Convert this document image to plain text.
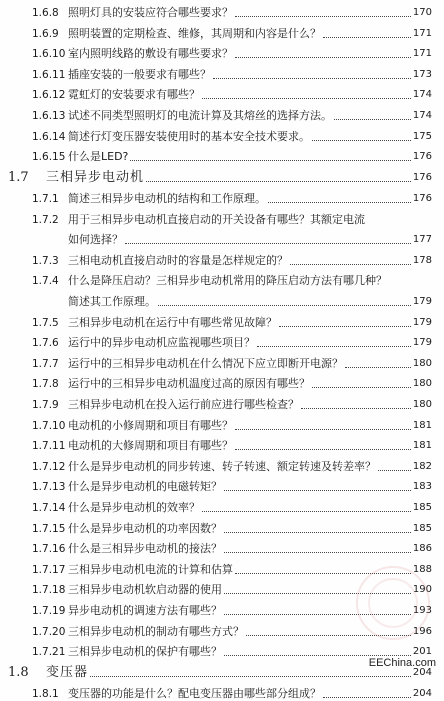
1.6.8 照明灯具的安装应符合哪些要求？	170
1.6.9 照明装置的定期检查、维修，其周期和内容是什么？	171
1.6.10 室内照明线路的敷设有哪些要求？	171
1.6.11 插座安装的一般要求有哪些？	173
1.6.12 霓虹灯的安装要求有哪些？	174
1.6.13 试述不同类型照明灯的电流计算及其熔丝的选择方法。	174
1.6.14 简述行灯变压器安装使用时的基本安全技术要求。	175
1.6.15 什么是LED?	176
1.7 三相异步电动机	176
1.7.1 简述三相异步电动机的结构和工作原理。	176
1.7.2 用于三相异步电动机直接启动的开关设备有哪些？其额定电流
如何选择？	177
1.7.3 三相电动机直接启动时的容量是怎样规定的？	178
1.7.4 什么是降压启动？三相异步电动机常用的降压启动方法有哪几种？
简述其工作原理。	179
1.7.5 三相异步电动机在运行中有哪些常见故障？	179
1.7.6 运行中的异步电动机应监视哪些项目？	179
1.7.7 运行中的三相异步电动机在什么情况下应立即断开电源？	180
1.7.8 运行中的三相异步电动机温度过高的原因有哪些？	180
1.7.9 三相异步电动机在投入运行前应进行哪些检查？	180
1.7.10 电动机的小修周期和项目有哪些？	181
1.7.11 电动机的大修周期和项目有哪些？	181
1.7.12 什么是异步电动机的同步转速、转子转速、额定转速及转差率？	182
1.7.13 什么是异步电动机的电磁转矩？	183
1.7.14 什么是异步电动机的效率？	185
1.7.15 什么是异步电动机的功率因数？	185
1.7.16 什么是三相异步电动机的接法？	186
1.7.17 三相异步电动机电流的计算和估算	188
1.7.18 三相异步电动机软启动器的使用	190
1.7.19 异步电动机的调速方法有哪些？	193
1.7.20 三相异步电动机的制动有哪些方式？	196
1.7.21 三相异步电动机的保护有哪些？	201
1.8 变压器	204
1.8.1 变压器的功能是什么？配电变压器由哪些部分组成？	204
EEChina.com
